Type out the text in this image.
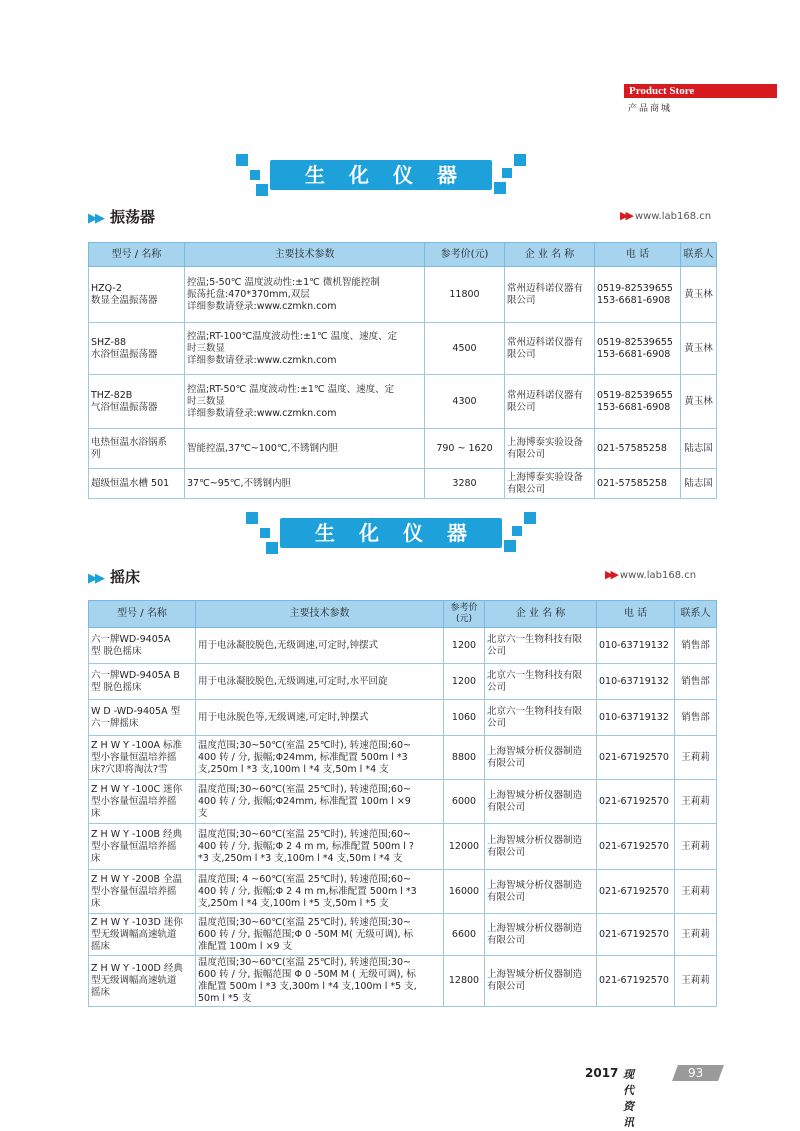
Product Store
产品商城
生化仪器
▶▶ 振荡器	▶▶ www.lab168.cn
型号 / 名称	主要技术参数	参考价(元)	企 业 名 称	电 话	联系人
HZQ-2
数显全温振荡器	控温;5-50℃ 温度波动性:±1℃ 微机智能控制
振荡托盘:470*370mm,双层
详细参数请登录:www.czmkn.com	11800	常州迈科诺仪器有
限公司	0519-82539655
153-6681-6908	黄玉林
SHZ-88
水浴恒温振荡器	控温;RT-100℃温度波动性:±1℃ 温度、速度、定
时三数显
详细参数请登录:www.czmkn.com	4500	常州迈科诺仪器有
限公司	0519-82539655
153-6681-6908	黄玉林
THZ-82B
气浴恒温振荡器	控温;RT-50℃ 温度波动性:±1℃ 温度、速度、定
时三数显
详细参数请登录:www.czmkn.com	4300	常州迈科诺仪器有
限公司	0519-82539655
153-6681-6908	黄玉林
电热恒温水浴锅系
列	智能控温,37℃~100℃,不锈钢内胆	790 ~ 1620	上海博泰实验设备
有限公司	021-57585258	陆志国
超级恒温水槽 501	37℃~95℃,不锈钢内胆	3280	上海博泰实验设备
有限公司	021-57585258	陆志国
生化仪器
▶▶ 摇床	▶▶ www.lab168.cn
型号 / 名称	主要技术参数	参考价
(元)	企 业 名 称	电 话	联系人
六一牌WD-9405A
型 脱色摇床	用于电泳凝胶脱色,无级调速,可定时,钟摆式	1200	北京六一生物科技有限
公司	010-63719132	销售部
六一牌WD-9405A B
型 脱色摇床	用于电泳凝胶脱色,无级调速,可定时,水平回旋	1200	北京六一生物科技有限
公司	010-63719132	销售部
W D -WD-9405A 型
六一牌摇床	用于电泳脱色等,无级调速,可定时,钟摆式	1060	北京六一生物科技有限
公司	010-63719132	销售部
Z H W Y -100A 标准
型小容量恒温培养摇
床?穴即将淘汰?雪	温度范围;30~50℃(室温 25℃时), 转速范围;60~
400 转 / 分, 振幅;Φ24mm, 标准配置 500m l *3
支,250m l *3 支,100m l *4 支,50m l *4 支	8800	上海智城分析仪器制造
有限公司	021-67192570	王莉莉
Z H W Y -100C 迷你
型小容量恒温培养摇
床	温度范围;30~60℃(室温 25℃时), 转速范围;60~
400 转 / 分, 振幅;Φ24mm, 标准配置 100m l ×9
支	6000	上海智城分析仪器制造
有限公司	021-67192570	王莉莉
Z H W Y -100B 经典
型小容量恒温培养摇
床	温度范围;30~60℃(室温 25℃时), 转速范围;60~
400 转 / 分, 振幅;Φ 2 4 m m, 标准配置 500m l ?
*3 支,250m l *3 支,100m l *4 支,50m l *4 支	12000	上海智城分析仪器制造
有限公司	021-67192570	王莉莉
Z H W Y -200B 全温
型小容量恒温培养摇
床	温度范围; 4 ~60℃(室温 25℃时), 转速范围;60~
400 转 / 分, 振幅;Φ 2 4 m m,标准配置 500m l *3
支,250m l *4 支,100m l *5 支,50m l *5 支	16000	上海智城分析仪器制造
有限公司	021-67192570	王莉莉
Z H W Y -103D 迷你
型无级调幅高速轨道
摇床	温度范围;30~60℃(室温 25℃时), 转速范围;30~
600 转 / 分, 振幅范围;Φ 0 -50M M( 无级可调), 标
准配置 100m l ×9 支	6600	上海智城分析仪器制造
有限公司	021-67192570	王莉莉
Z H W Y -100D 经典
型无级调幅高速轨道
摇床	温度范围;30~60℃(室温 25℃时), 转速范围;30~
600 转 / 分, 振幅范围 Φ 0 -50M M ( 无级可调), 标
准配置 500m l *3 支,300m l *4 支,100m l *5 支,
50m l *5 支	12800	上海智城分析仪器制造
有限公司	021-67192570	王莉莉
2017 现代资讯
93
